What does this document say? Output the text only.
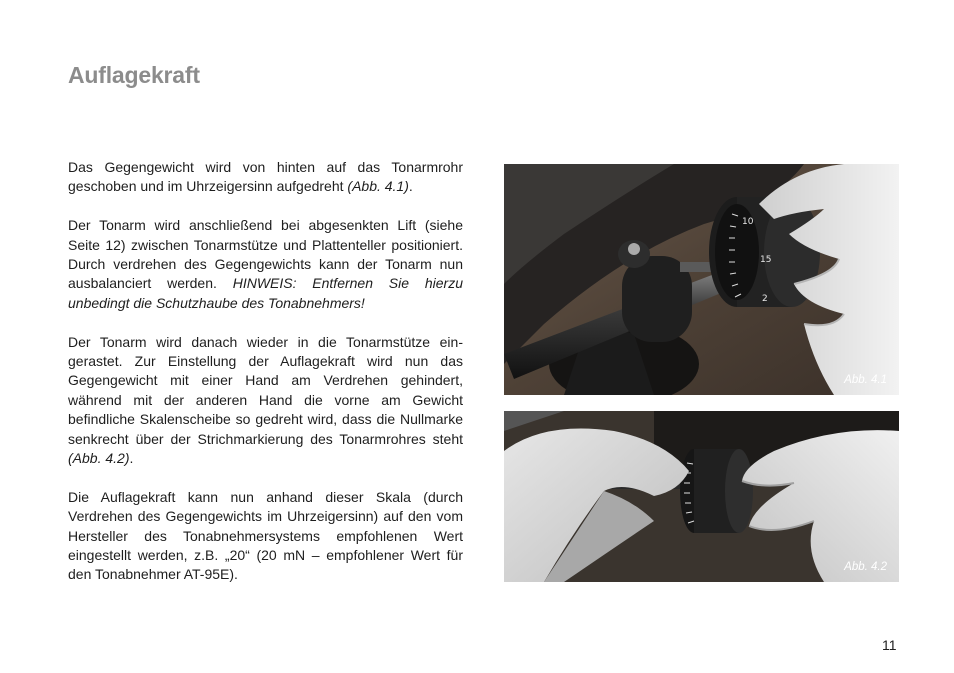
Auflagekraft

Das Gegengewicht wird von hinten auf das Tonarmrohr geschoben und im Uhrzeigersinn aufgedreht (Abb. 4.1).

Der Tonarm wird anschließend bei abgesenkten Lift (siehe Seite 12) zwischen Tonarmstütze und Plattenteller positioniert. Durch verdrehen des Gegengewichts kann der Tonarm nun ausbalanciert werden. HINWEIS: Entfernen Sie hierzu unbedingt die Schutzhaube des Tonabnehmers!

Der Tonarm wird danach wieder in die Tonarmstütze eingerastet. Zur Einstellung der Auflagekraft wird nun das Gegengewicht mit einer Hand am Verdrehen gehindert, während mit der anderen Hand die vorne am Gewicht befindliche Skalenscheibe so gedreht wird, dass die Nullmarke senkrecht über der Strichmarkierung des Tonarmrohres steht (Abb. 4.2).

Die Auflagekraft kann nun anhand dieser Skala (durch Verdrehen des Gegengewichts im Uhrzeigersinn) auf den vom Hersteller des Tonabnehmersystems empfohlenen Wert eingestellt werden, z.B. „20“ (20 mN – empfohlener Wert für den Tonabnehmer AT-95E).

10
15
2
Abb. 4.1
Abb. 4.2
11
